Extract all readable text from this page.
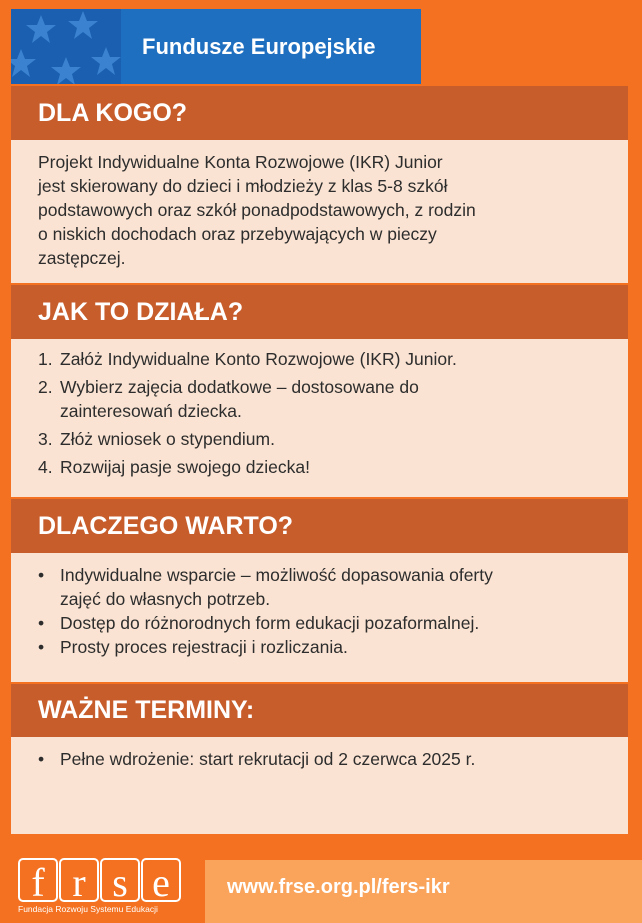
Fundusze Europejskie
DLA KOGO?
Projekt Indywidualne Konta Rozwojowe (IKR) Junior
jest skierowany do dzieci i młodzieży z klas 5-8 szkół
podstawowych oraz szkół ponadpodstawowych, z rodzin
o niskich dochodach oraz przebywających w pieczy
zastępczej.
JAK TO DZIAŁA?
1. Załóż Indywidualne Konto Rozwojowe (IKR) Junior.
2. Wybierz zajęcia dodatkowe – dostosowane do
zainteresowań dziecka.
3. Złóż wniosek o stypendium.
4. Rozwijaj pasje swojego dziecka!
DLACZEGO WARTO?
• Indywidualne wsparcie – możliwość dopasowania oferty
zajęć do własnych potrzeb.
• Dostęp do różnorodnych form edukacji pozaformalnej.
• Prosty proces rejestracji i rozliczania.
WAŻNE TERMINY:
• Pełne wdrożenie: start rekrutacji od 2 czerwca 2025 r.
f r s e
Fundacja Rozwoju Systemu Edukacji
www.frse.org.pl/fers-ikr
